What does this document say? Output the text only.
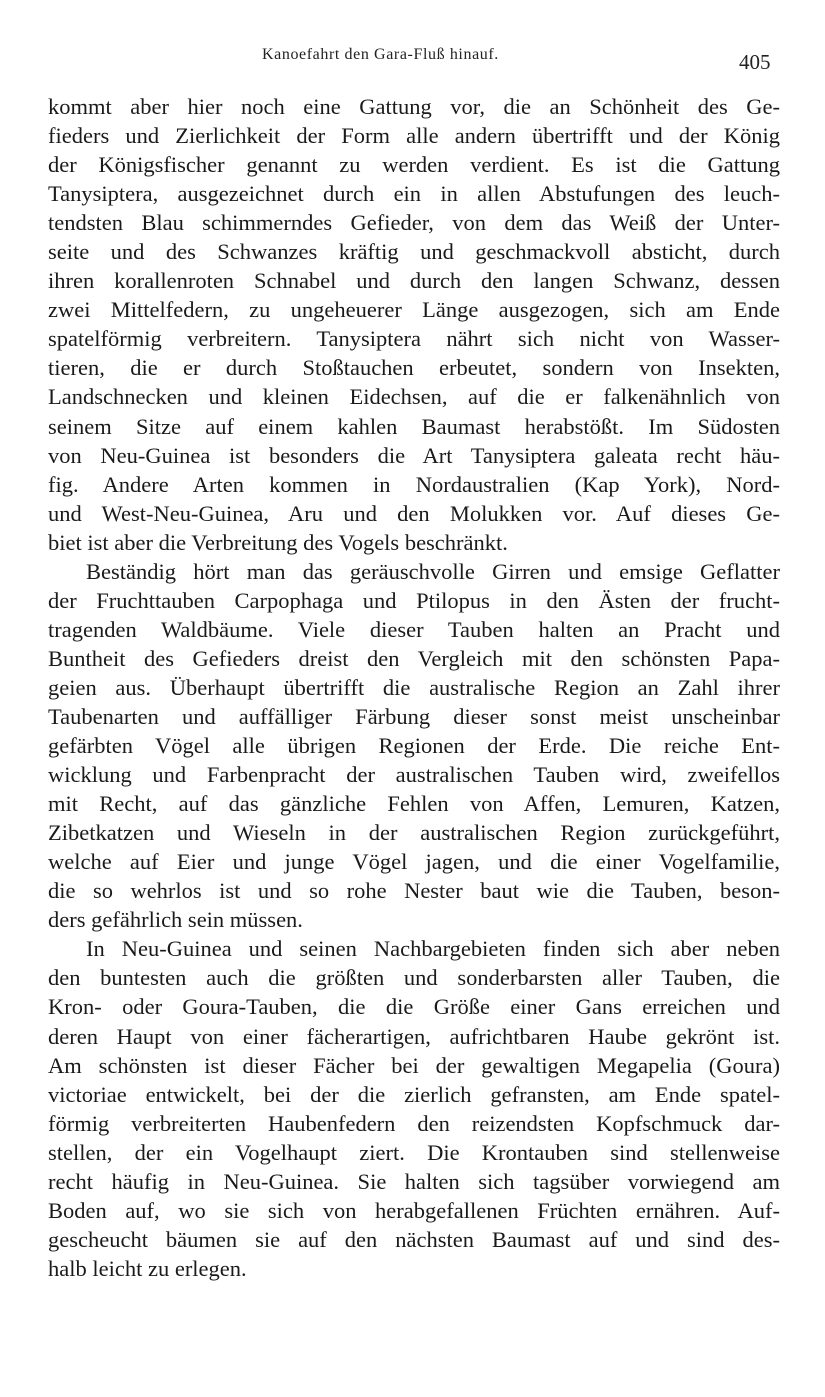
Kanoefahrt den Gara-Fluß hinauf.	405
kommt aber hier noch eine Gattung vor, die an Schönheit des Ge-
fieders und Zierlichkeit der Form alle andern übertrifft und der König
der Königsfischer genannt zu werden verdient. Es ist die Gattung
Tanysiptera, ausgezeichnet durch ein in allen Abstufungen des leuch-
tendsten Blau schimmerndes Gefieder, von dem das Weiß der Unter-
seite und des Schwanzes kräftig und geschmackvoll absticht, durch
ihren korallenroten Schnabel und durch den langen Schwanz, dessen
zwei Mittelfedern, zu ungeheuerer Länge ausgezogen, sich am Ende
spatelförmig verbreitern. Tanysiptera nährt sich nicht von Wasser-
tieren, die er durch Stoßtauchen erbeutet, sondern von Insekten,
Landschnecken und kleinen Eidechsen, auf die er falkenähnlich von
seinem Sitze auf einem kahlen Baumast herabstößt. Im Südosten
von Neu-Guinea ist besonders die Art Tanysiptera galeata recht häu-
fig. Andere Arten kommen in Nordaustralien (Kap York), Nord-
und West-Neu-Guinea, Aru und den Molukken vor. Auf dieses Ge-
biet ist aber die Verbreitung des Vogels beschränkt.
Beständig hört man das geräuschvolle Girren und emsige Geflatter
der Fruchttauben Carpophaga und Ptilopus in den Ästen der frucht-
tragenden Waldbäume. Viele dieser Tauben halten an Pracht und
Buntheit des Gefieders dreist den Vergleich mit den schönsten Papa-
geien aus. Überhaupt übertrifft die australische Region an Zahl ihrer
Taubenarten und auffälliger Färbung dieser sonst meist unscheinbar
gefärbten Vögel alle übrigen Regionen der Erde. Die reiche Ent-
wicklung und Farbenpracht der australischen Tauben wird, zweifellos
mit Recht, auf das gänzliche Fehlen von Affen, Lemuren, Katzen,
Zibetkatzen und Wieseln in der australischen Region zurückgeführt,
welche auf Eier und junge Vögel jagen, und die einer Vogelfamilie,
die so wehrlos ist und so rohe Nester baut wie die Tauben, beson-
ders gefährlich sein müssen.
In Neu-Guinea und seinen Nachbargebieten finden sich aber neben
den buntesten auch die größten und sonderbarsten aller Tauben, die
Kron- oder Goura-Tauben, die die Größe einer Gans erreichen und
deren Haupt von einer fächerartigen, aufrichtbaren Haube gekrönt ist.
Am schönsten ist dieser Fächer bei der gewaltigen Megapelia (Goura)
victoriae entwickelt, bei der die zierlich gefransten, am Ende spatel-
förmig verbreiterten Haubenfedern den reizendsten Kopfschmuck dar-
stellen, der ein Vogelhaupt ziert. Die Krontauben sind stellenweise
recht häufig in Neu-Guinea. Sie halten sich tagsüber vorwiegend am
Boden auf, wo sie sich von herabgefallenen Früchten ernähren. Auf-
gescheucht bäumen sie auf den nächsten Baumast auf und sind des-
halb leicht zu erlegen.
